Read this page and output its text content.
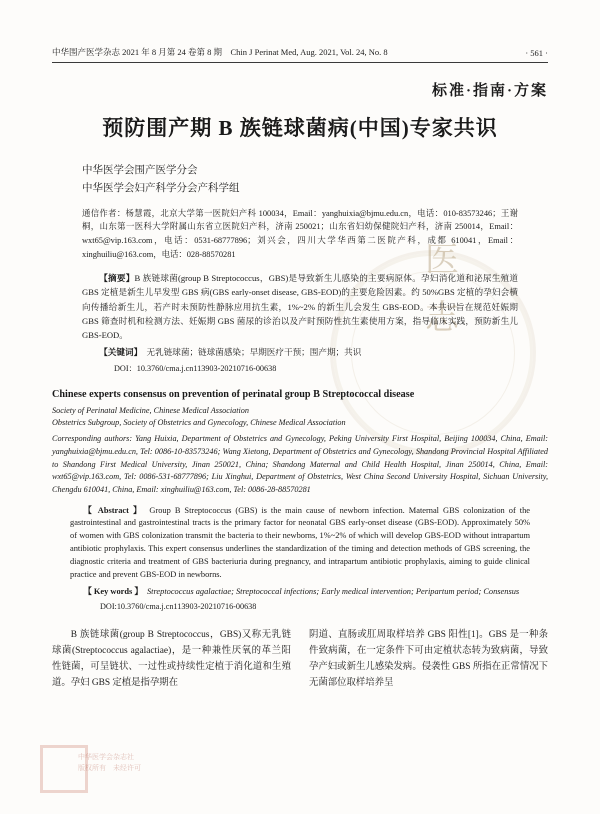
医
志
中华医学会杂志社
版权所有　未经许可
中华围产医学杂志 2021 年 8 月第 24 卷第 8 期　Chin J Perinat Med, Aug. 2021, Vol. 24, No. 8	· 561 ·
标准·指南·方案
预防围产期 B 族链球菌病(中国)专家共识
中华医学会围产医学分会
中华医学会妇产科学分会产科学组
通信作者：杨慧霞，北京大学第一医院妇产科 100034，Email：yanghuixia@bjmu.edu.cn，电话：010-83573246；王谢桐，山东第一医科大学附属山东省立医院妇产科，济南 250021；山东省妇幼保健院妇产科，济南 250014，Email：wxt65@vip.163.com，电话：0531-68777896；刘兴会，四川大学华西第二医院产科，成都 610041，Email：xinghuiliu@163.com，电话：028-88570281
【摘要】B 族链球菌(group B Streptococcus，GBS)是导致新生儿感染的主要病原体。孕妇消化道和泌尿生殖道 GBS 定植是新生儿早发型 GBS 病(GBS early-onset disease, GBS-EOD)的主要危险因素。约 50%GBS 定植的孕妇会横向传播给新生儿，若产时未预防性静脉应用抗生素，1%~2% 的新生儿会发生 GBS-EOD。本共识旨在规范妊娠期 GBS 筛查时机和检测方法、妊娠期 GBS 菌尿的诊治以及产时预防性抗生素使用方案，指导临床实践，预防新生儿 GBS-EOD。
【关键词】　 无乳链球菌；链球菌感染；早期医疗干预；围产期；共识
DOI：10.3760/cma.j.cn113903-20210716-00638
Chinese experts consensus on prevention of perinatal group B Streptococcal disease
Society of Perinatal Medicine, Chinese Medical Association
Obstetrics Subgroup, Society of Obstetrics and Gynecology, Chinese Medical Association
Corresponding authors: Yang Huixia, Department of Obstetrics and Gynecology, Peking University First Hospital, Beijing 100034, China, Email: yanghuixia@bjmu.edu.cn, Tel: 0086-10-83573246; Wang Xietong, Department of Obstetrics and Gynecology, Shandong Provincial Hospital Affiliated to Shandong First Medical University, Jinan 250021, China; Shandong Maternal and Child Health Hospital, Jinan 250014, China, Email: wxt65@vip.163.com, Tel: 0086-531-68777896; Liu Xinghui, Department of Obstetrics, West China Second University Hospital, Sichuan University, Chengdu 610041, China, Email: xinghuiliu@163.com, Tel: 0086-28-88570281
【 Abstract 】　 Group B Streptococcus (GBS) is the main cause of newborn infection. Maternal GBS colonization of the gastrointestinal and gastrointestinal tracts is the primary factor for neonatal GBS early-onset disease (GBS-EOD). Approximately 50% of women with GBS colonization transmit the bacteria to their newborns, 1%~2% of which will develop GBS-EOD without intrapartum antibiotic prophylaxis. This expert consensus underlines the standardization of the timing and detection methods of GBS screening, the diagnostic criteria and treatment of GBS bacteriuria during pregnancy, and intrapartum antibiotic prophylaxis, aiming to guide clinical practice and prevent GBS-EOD in newborns.
【 Key words 】　 Streptococcus agalactiae; Streptococcal infections; Early medical intervention; Peripartum period; Consensus
DOI:10.3760/cma.j.cn113903-20210716-00638

B 族链球菌(group B Streptococcus，GBS)又称无乳链球菌(Streptococcus agalactiae)，是一种兼性厌氧的革兰阳性链菌，可呈链状、一过性或持续性定植于消化道和生殖道。孕妇 GBS 定植是指孕期在

阴道、直肠或肛周取样培养 GBS 阳性[1]。GBS 是一种条件致病菌，在一定条件下可由定植状态转为致病菌，导致孕产妇或新生儿感染发病。侵袭性 GBS 所指在正常情况下无菌部位取样培养呈
